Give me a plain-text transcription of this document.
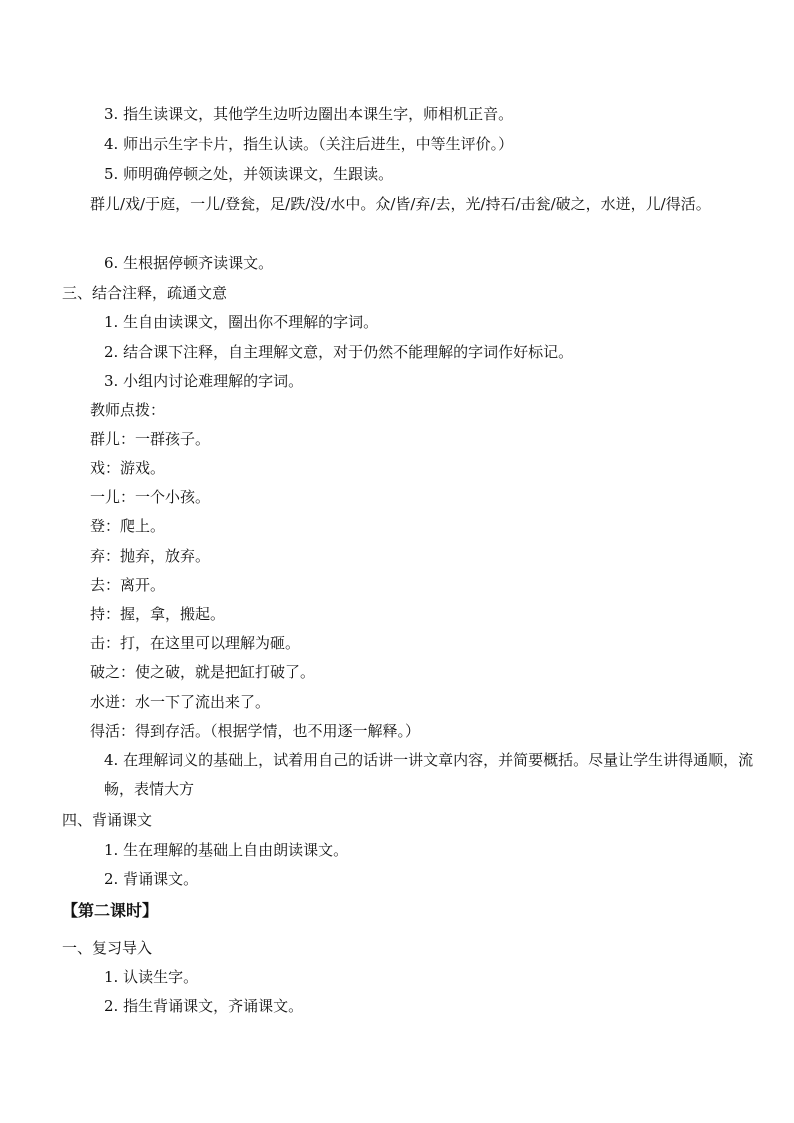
3. 指生读课文，其他学生边听边圈出本课生字，师相机正音。
4. 师出示生字卡片，指生认读。（关注后进生，中等生评价。）
5. 师明确停顿之处，并领读课文，生跟读。
群儿/戏/于庭，一儿/登瓮，足/跌/没/水中。众/皆/弃/去，光/持石/击瓮/破之，水迸，儿/得活。
6. 生根据停顿齐读课文。
三、结合注释，疏通文意
1. 生自由读课文，圈出你不理解的字词。
2. 结合课下注释，自主理解文意，对于仍然不能理解的字词作好标记。
3. 小组内讨论难理解的字词。
教师点拨：
群儿：一群孩子。
戏：游戏。
一儿：一个小孩。
登：爬上。
弃：抛弃，放弃。
去：离开。
持：握，拿，搬起。
击：打，在这里可以理解为砸。
破之：使之破，就是把缸打破了。
水迸：水一下了流出来了。
得活：得到存活。（根据学情，也不用逐一解释。）
4. 在理解词义的基础上，试着用自己的话讲一讲文章内容，并简要概括。尽量让学生讲得通顺，流畅，表情大方
四、背诵课文
1. 生在理解的基础上自由朗读课文。
2. 背诵课文。
【第二课时】
一、复习导入
1. 认读生字。
2. 指生背诵课文，齐诵课文。
